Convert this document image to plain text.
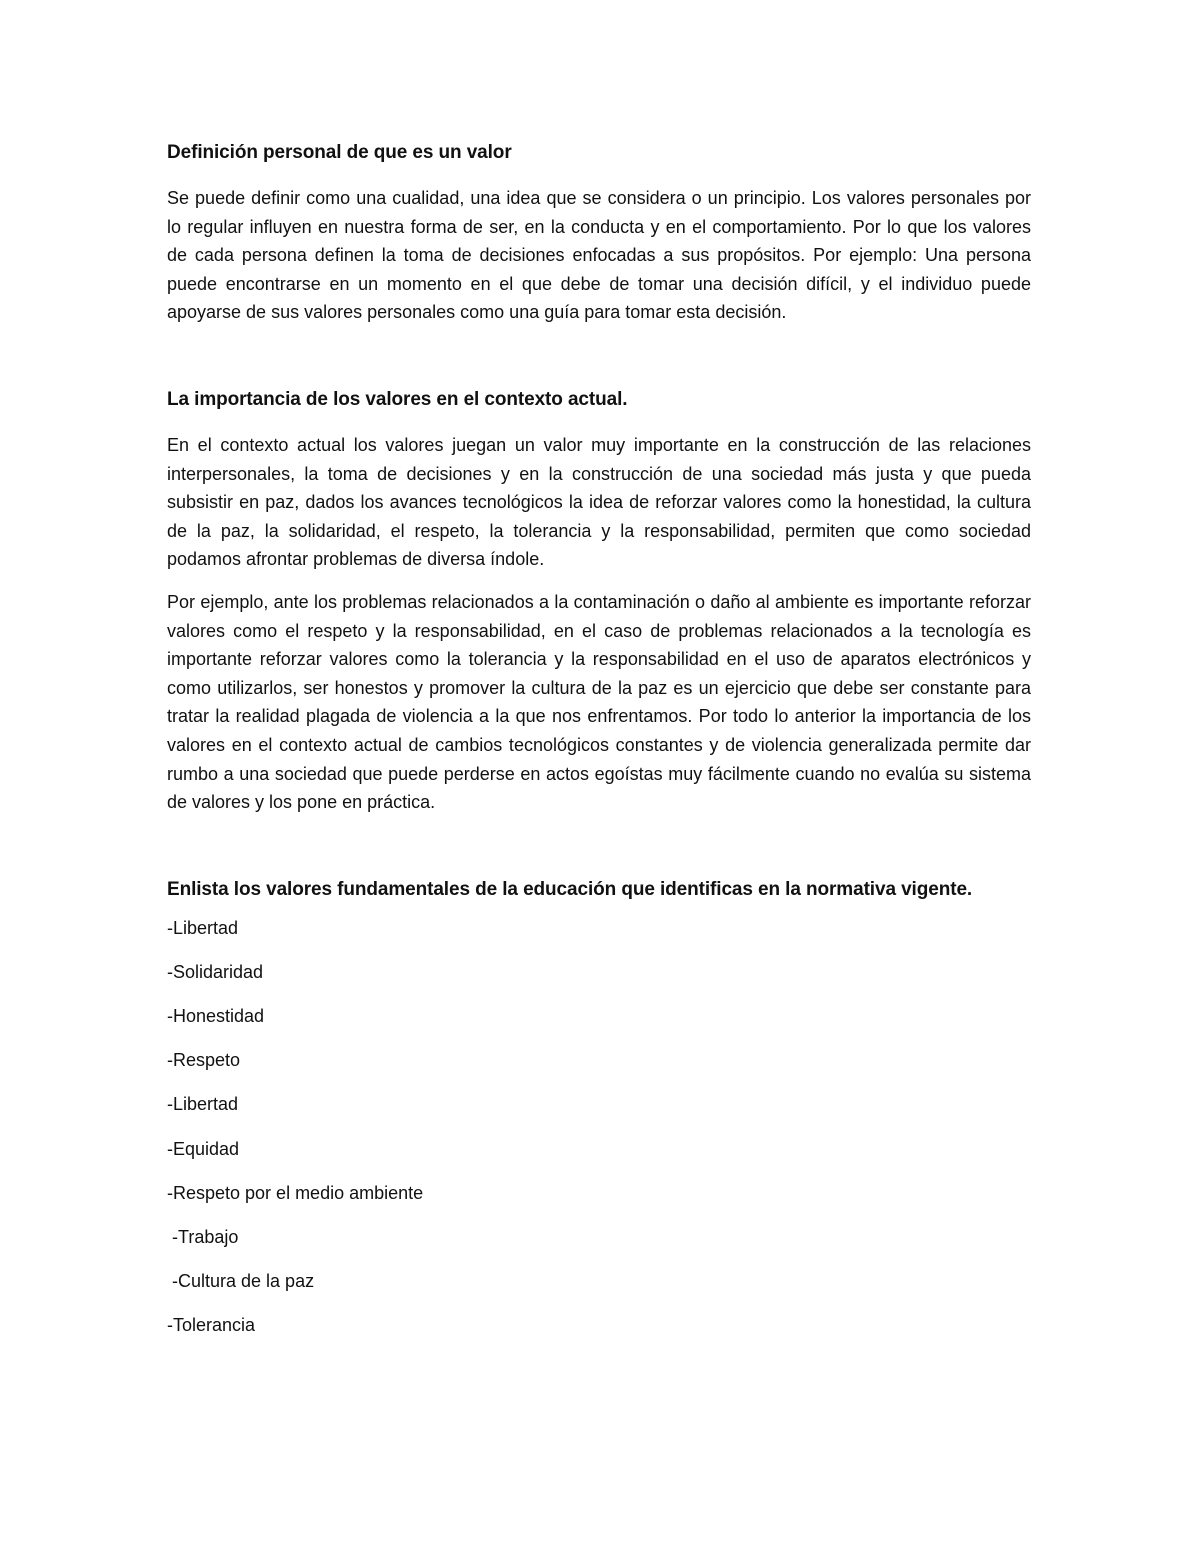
Definición personal de que es un valor

Se puede definir como una cualidad, una idea que se considera o un principio. Los valores personales por lo regular influyen en nuestra forma de ser, en la conducta y en el comportamiento. Por lo que los valores de cada persona definen la toma de decisiones enfocadas a sus propósitos. Por ejemplo: Una persona puede encontrarse en un momento en el que debe de tomar una decisión difícil, y el individuo puede apoyarse de sus valores personales como una guía para tomar esta decisión.

La importancia de los valores en el contexto actual.

En el contexto actual los valores juegan un valor muy importante en la construcción de las relaciones interpersonales, la toma de decisiones y en la construcción de una sociedad más justa y que pueda subsistir en paz, dados los avances tecnológicos la idea de reforzar valores como la honestidad, la cultura de la paz, la solidaridad, el respeto, la tolerancia y la responsabilidad, permiten que como sociedad podamos afrontar problemas de diversa índole.

Por ejemplo, ante los problemas relacionados a la contaminación o daño al ambiente es importante reforzar valores como el respeto y la responsabilidad, en el caso de problemas relacionados a la tecnología es importante reforzar valores como la tolerancia y la responsabilidad en el uso de aparatos electrónicos y como utilizarlos, ser honestos y promover la cultura de la paz es un ejercicio que debe ser constante para tratar la realidad plagada de violencia a la que nos enfrentamos. Por todo lo anterior la importancia de los valores en el contexto actual de cambios tecnológicos constantes y de violencia generalizada permite dar rumbo a una sociedad que puede perderse en actos egoístas muy fácilmente cuando no evalúa su sistema de valores y los pone en práctica.

Enlista los valores fundamentales de la educación que identificas en la normativa vigente.
-Libertad
-Solidaridad
-Honestidad
-Respeto
-Libertad
-Equidad
-Respeto por el medio ambiente
-Trabajo
-Cultura de la paz
-Tolerancia
